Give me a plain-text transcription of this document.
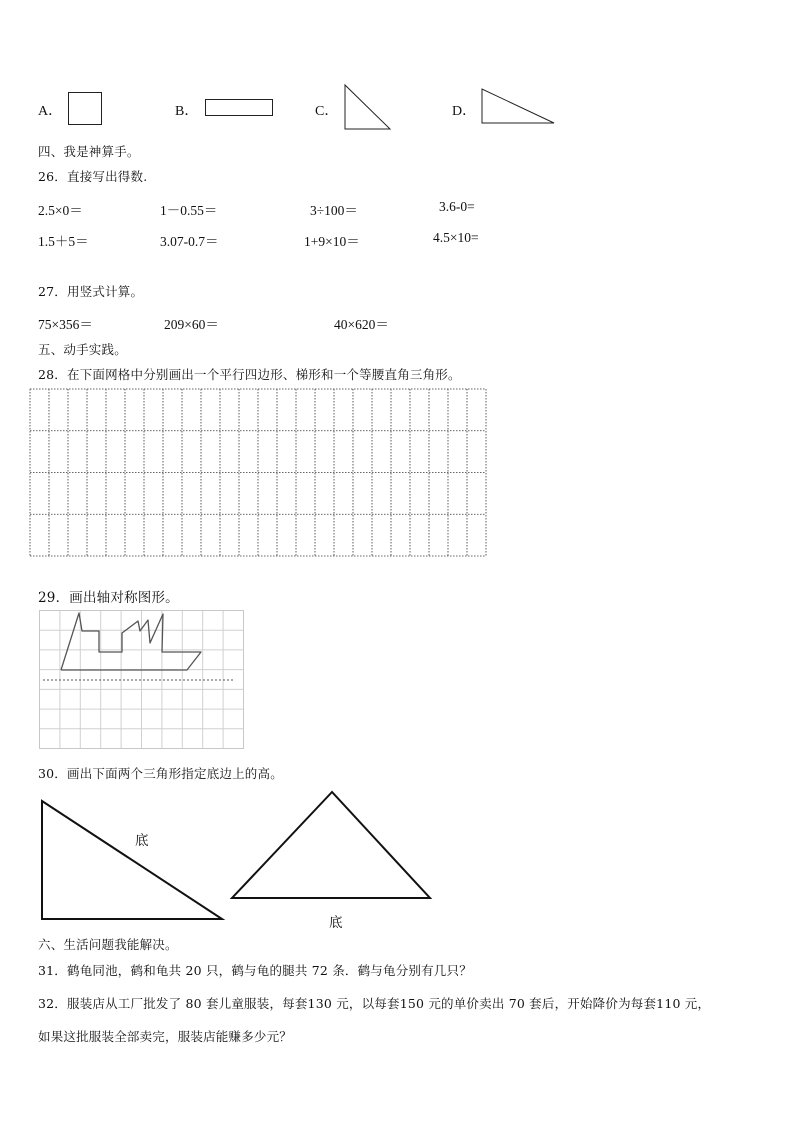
A．	B．	C．	D．
四、我是神算手。
26．直接写出得数.
2.5×0＝	1－0.55＝	3÷100＝	3.6-0=
1.5＋5＝	3.07-0.7＝	1+9×10＝	4.5×10=
27．用竖式计算。
75×356＝	209×60＝	40×620＝
五、动手实践。
28．在下面网格中分别画出一个平行四边形、梯形和一个等腰直角三角形。
29．画出轴对称图形。
30．画出下面两个三角形指定底边上的高。
底
底
六、生活问题我能解决。
31．鹤龟同池，鹤和龟共 20 只，鹤与龟的腿共 72 条．鹤与龟分别有几只？
32．服装店从工厂批发了 80 套儿童服装，每套130 元，以每套150 元的单价卖出 70 套后，开始降价为每套110 元，
如果这批服装全部卖完，服装店能赚多少元？
